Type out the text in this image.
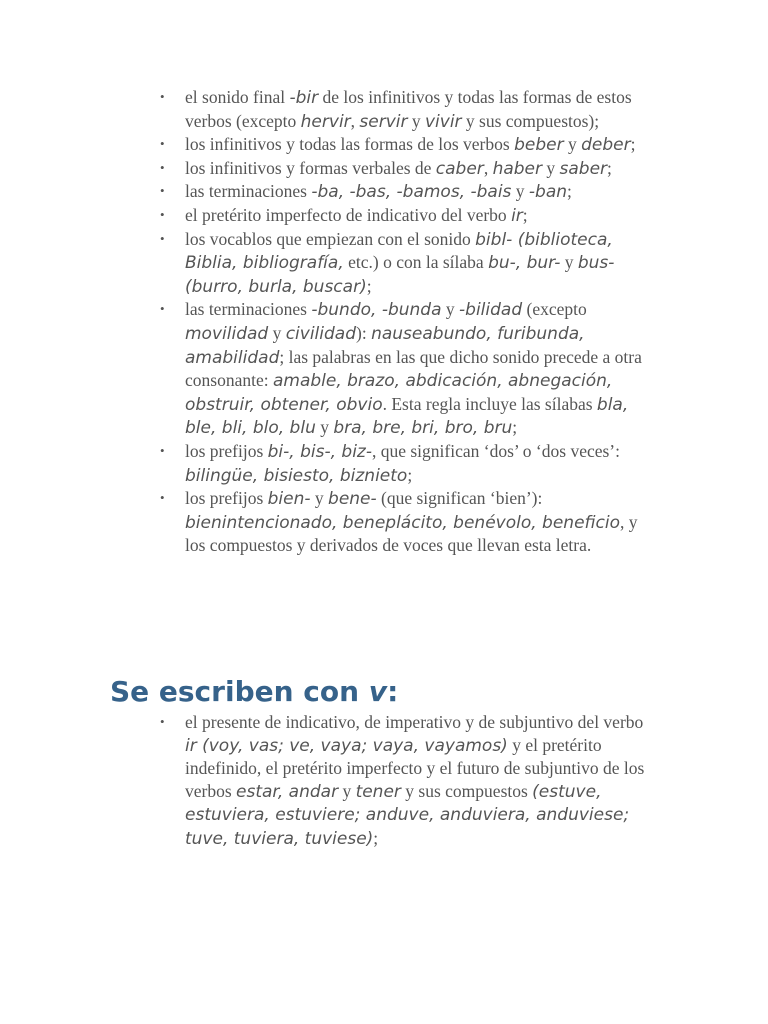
• el sonido final -bir de los infinitivos y todas las formas de estos verbos (excepto hervir, servir y vivir y sus compuestos);
• los infinitivos y todas las formas de los verbos beber y deber;
• los infinitivos y formas verbales de caber, haber y saber;
• las terminaciones -ba, -bas, -bamos, -bais y -ban;
• el pretérito imperfecto de indicativo del verbo ir;
• los vocablos que empiezan con el sonido bibl- (biblioteca, Biblia, bibliografía, etc.) o con la sílaba bu-, bur- y bus- (burro, burla, buscar);
• las terminaciones -bundo, -bunda y -bilidad (excepto movilidad y civilidad): nauseabundo, furibunda, amabilidad; las palabras en las que dicho sonido precede a otra consonante: amable, brazo, abdicación, abnegación, obstruir, obtener, obvio. Esta regla incluye las sílabas bla, ble, bli, blo, blu y bra, bre, bri, bro, bru;
• los prefijos bi-, bis-, biz-, que significan ‘dos’ o ‘dos veces’: bilingüe, bisiesto, biznieto;
• los prefijos bien- y bene- (que significan ‘bien’): bienintencionado, beneplácito, benévolo, beneficio, y los compuestos y derivados de voces que llevan esta letra.
Se escriben con v:
• el presente de indicativo, de imperativo y de subjuntivo del verbo ir (voy, vas; ve, vaya; vaya, vayamos) y el pretérito indefinido, el pretérito imperfecto y el futuro de subjuntivo de los verbos estar, andar y tener y sus compuestos (estuve, estuviera, estuviere; anduve, anduviera, anduviese; tuve, tuviera, tuviese);
